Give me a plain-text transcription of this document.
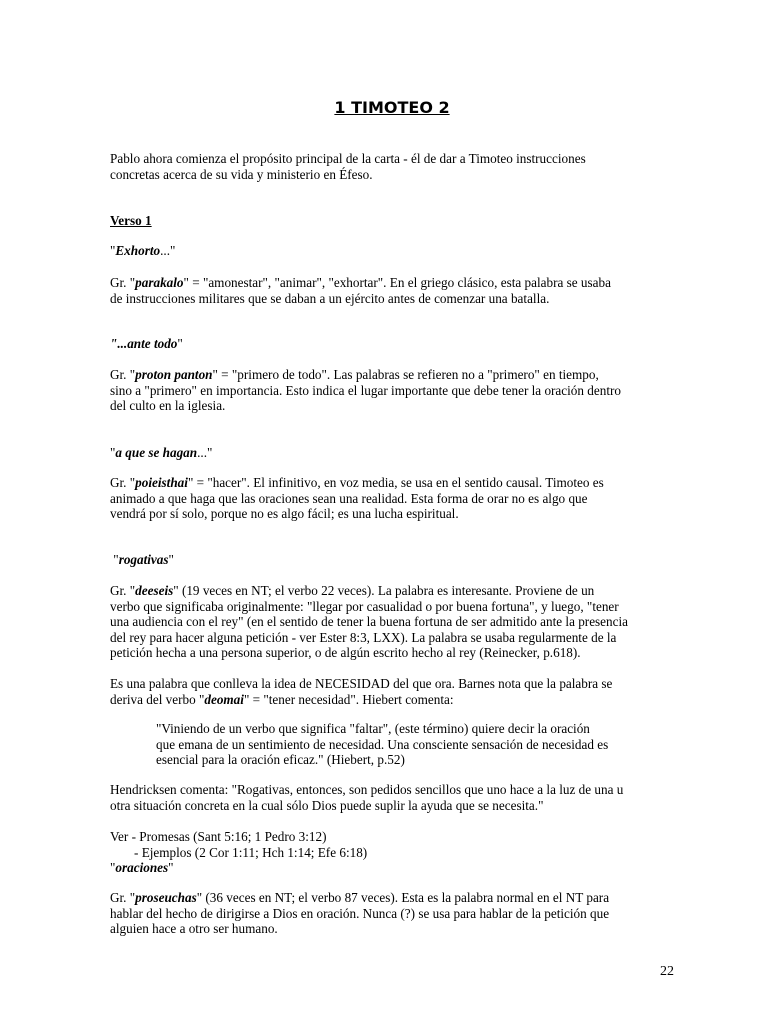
1 TIMOTEO 2
Pablo ahora comienza el propósito principal de la carta - él de dar a Timoteo instrucciones
concretas acerca de su vida y ministerio en Éfeso.
Verso 1
"Exhorto..."
Gr. "parakalo" = "amonestar", "animar", "exhortar". En el griego clásico, esta palabra se usaba
de instrucciones militares que se daban a un ejército antes de comenzar una batalla.
"...ante todo"
Gr. "proton panton" = "primero de todo". Las palabras se refieren no a "primero" en tiempo,
sino a "primero" en importancia. Esto indica el lugar importante que debe tener la oración dentro
del culto en la iglesia.
"a que se hagan..."
Gr. "poieisthai" = "hacer". El infinitivo, en voz media, se usa en el sentido causal. Timoteo es
animado a que haga que las oraciones sean una realidad. Esta forma de orar no es algo que
vendrá por sí solo, porque no es algo fácil; es una lucha espiritual.
"rogativas"
Gr. "deeseis" (19 veces en NT; el verbo 22 veces). La palabra es interesante. Proviene de un
verbo que significaba originalmente: "llegar por casualidad o por buena fortuna", y luego, "tener
una audiencia con el rey" (en el sentido de tener la buena fortuna de ser admitido ante la presencia
del rey para hacer alguna petición - ver Ester 8:3, LXX). La palabra se usaba regularmente de la
petición hecha a una persona superior, o de algún escrito hecho al rey (Reinecker, p.618).
Es una palabra que conlleva la idea de NECESIDAD del que ora. Barnes nota que la palabra se
deriva del verbo "deomai" = "tener necesidad". Hiebert comenta:
"Viniendo de un verbo que significa "faltar", (este término) quiere decir la oración
que emana de un sentimiento de necesidad. Una consciente sensación de necesidad es
esencial para la oración eficaz." (Hiebert, p.52)
Hendricksen comenta: "Rogativas, entonces, son pedidos sencillos que uno hace a la luz de una u
otra situación concreta en la cual sólo Dios puede suplir la ayuda que se necesita."
Ver - Promesas (Sant 5:16; 1 Pedro 3:12)
- Ejemplos (2 Cor 1:11; Hch 1:14; Efe 6:18)
"oraciones"
Gr. "proseuchas" (36 veces en NT; el verbo 87 veces). Esta es la palabra normal en el NT para
hablar del hecho de dirigirse a Dios en oración. Nunca (?) se usa para hablar de la petición que
alguien hace a otro ser humano.
22
